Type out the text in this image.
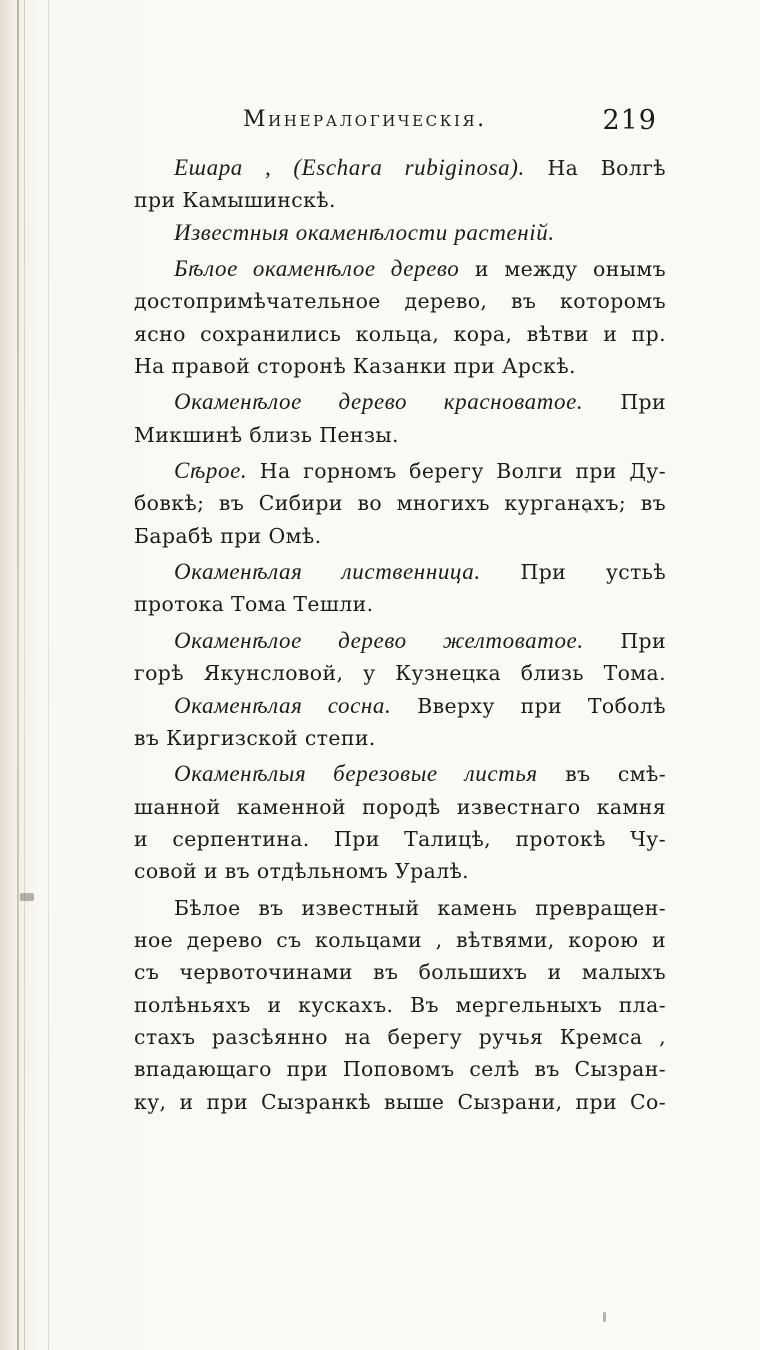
Минералогическія.	219
Ешара , (Eschara rubiginosa). На Волгѣ
при Камышинскѣ.
Известныя окаменѣлости растеній.
Бѣлое окаменѣлое дерево и между онымъ
достопримѣчательное дерево, въ которомъ
ясно сохранились кольца, кора, вѣтви и пр.
На правой сторонѣ Казанки при Арскѣ.
Окаменѣлое дерево красноватое. При
Микшинѣ близь Пензы.
Сѣрое. На горномъ берегу Волги при Ду-
бовкѣ; въ Сибири во многихъ курганахъ; въ
Барабѣ при Омѣ.
Окаменѣлая лиственница. При устьѣ
протока Тома Тешли.
Окаменѣлое дерево желтоватое. При
горѣ Якунсловой, у Кузнецка близь Тома.
Окаменѣлая сосна. Вверху при Тоболѣ
въ Киргизской степи.
Окаменѣлыя березовые листья въ смѣ-
шанной каменной породѣ известнаго камня
и серпентина. При Талицѣ, протокѣ Чу-
совой и въ отдѣльномъ Уралѣ.
Бѣлое въ известный камень превращен-
ное дерево съ кольцами , вѣтвями, корою и
съ червоточинами въ большихъ и малыхъ
полѣньяхъ и кускахъ. Въ мергельныхъ пла-
стахъ разсѣянно на берегу ручья Кремса ,
впадающаго при Поповомъ селѣ въ Сызран-
ку, и при Сызранкѣ выше Сызрани, при Со-
